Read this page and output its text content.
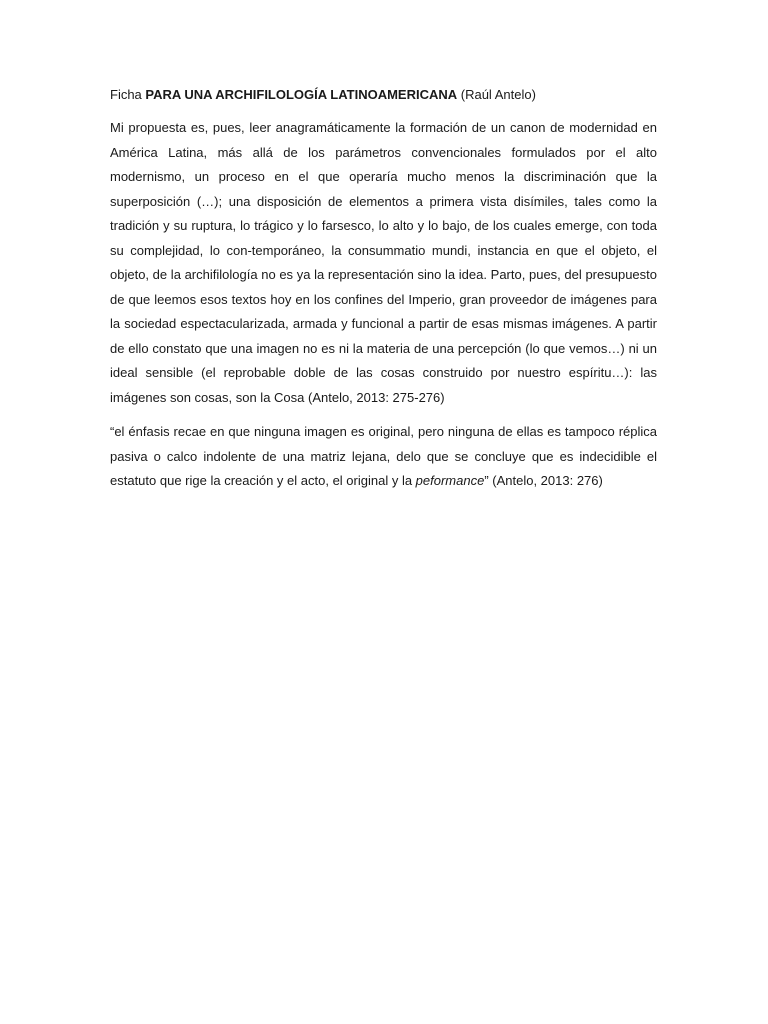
Ficha PARA UNA ARCHIFILOLOGÍA LATINOAMERICANA (Raúl Antelo)

Mi propuesta es, pues, leer anagramáticamente la formación de un canon de modernidad en América Latina, más allá de los parámetros convencionales formulados por el alto modernismo, un proceso en el que operaría mucho menos la discriminación que la superposición (…); una disposición de elementos a primera vista disímiles, tales como la tradición y su ruptura, lo trágico y lo farsesco, lo alto y lo bajo, de los cuales emerge, con toda su complejidad, lo con-temporáneo, la consummatio mundi, instancia en que el objeto, el objeto, de la archifilología no es ya la representación sino la idea. Parto, pues, del presupuesto de que leemos esos textos hoy en los confines del Imperio, gran proveedor de imágenes para la sociedad espectacularizada, armada y funcional a partir de esas mismas imágenes. A partir de ello constato que una imagen no es ni la materia de una percepción (lo que vemos…) ni un ideal sensible (el reprobable doble de las cosas construido por nuestro espíritu…): las imágenes son cosas, son la Cosa (Antelo, 2013: 275-276)

“el énfasis recae en que ninguna imagen es original, pero ninguna de ellas es tampoco réplica pasiva o calco indolente de una matriz lejana, delo que se concluye que es indecidible el estatuto que rige la creación y el acto, el original y la peformance” (Antelo, 2013: 276)
